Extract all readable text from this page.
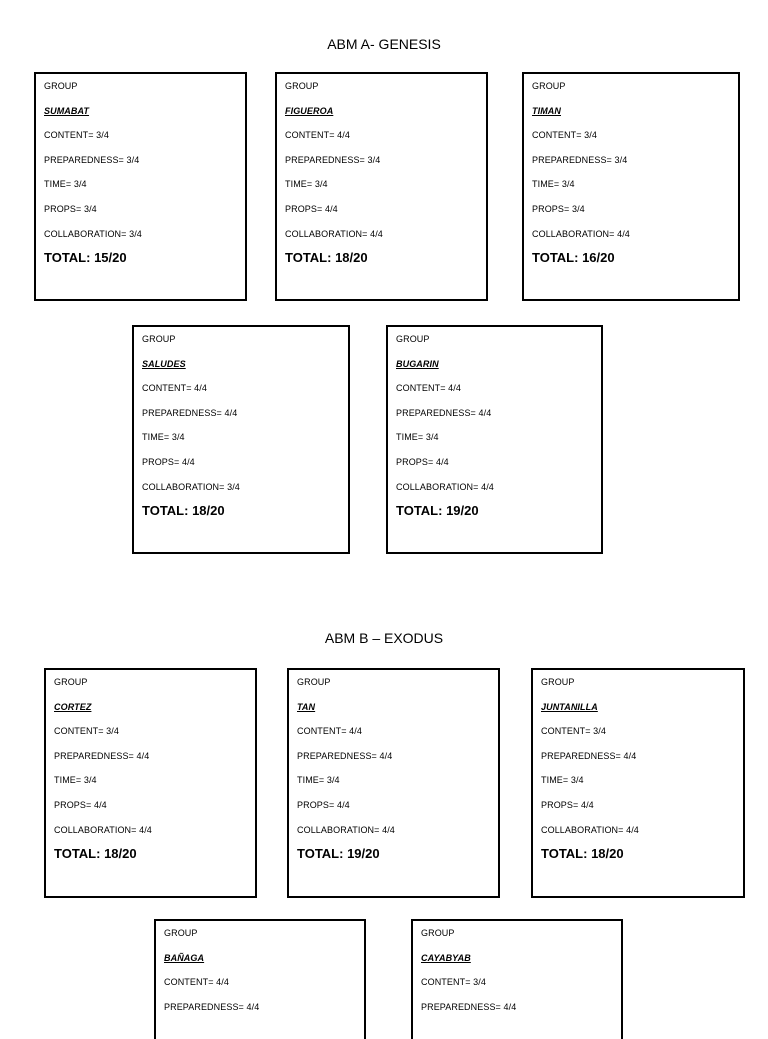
ABM A- GENESIS
GROUP
SUMABAT
CONTENT= 3/4
PREPAREDNESS= 3/4
TIME= 3/4
PROPS= 3/4
COLLABORATION= 3/4
TOTAL: 15/20
GROUP
FIGUEROA
CONTENT= 4/4
PREPAREDNESS= 3/4
TIME= 3/4
PROPS= 4/4
COLLABORATION= 4/4
TOTAL: 18/20
GROUP
TIMAN
CONTENT= 3/4
PREPAREDNESS= 3/4
TIME= 3/4
PROPS= 3/4
COLLABORATION= 4/4
TOTAL: 16/20
GROUP
SALUDES
CONTENT= 4/4
PREPAREDNESS= 4/4
TIME= 3/4
PROPS= 4/4
COLLABORATION= 3/4
TOTAL: 18/20
GROUP
BUGARIN
CONTENT= 4/4
PREPAREDNESS= 4/4
TIME= 3/4
PROPS= 4/4
COLLABORATION= 4/4
TOTAL: 19/20
ABM B – EXODUS
GROUP
CORTEZ
CONTENT= 3/4
PREPAREDNESS= 4/4
TIME= 3/4
PROPS= 4/4
COLLABORATION= 4/4
TOTAL: 18/20
GROUP
TAN
CONTENT= 4/4
PREPAREDNESS= 4/4
TIME= 3/4
PROPS= 4/4
COLLABORATION= 4/4
TOTAL: 19/20
GROUP
JUNTANILLA
CONTENT= 3/4
PREPAREDNESS= 4/4
TIME= 3/4
PROPS= 4/4
COLLABORATION= 4/4
TOTAL: 18/20
GROUP
BAÑAGA
CONTENT= 4/4
PREPAREDNESS= 4/4
GROUP
CAYABYAB
CONTENT= 3/4
PREPAREDNESS= 4/4
